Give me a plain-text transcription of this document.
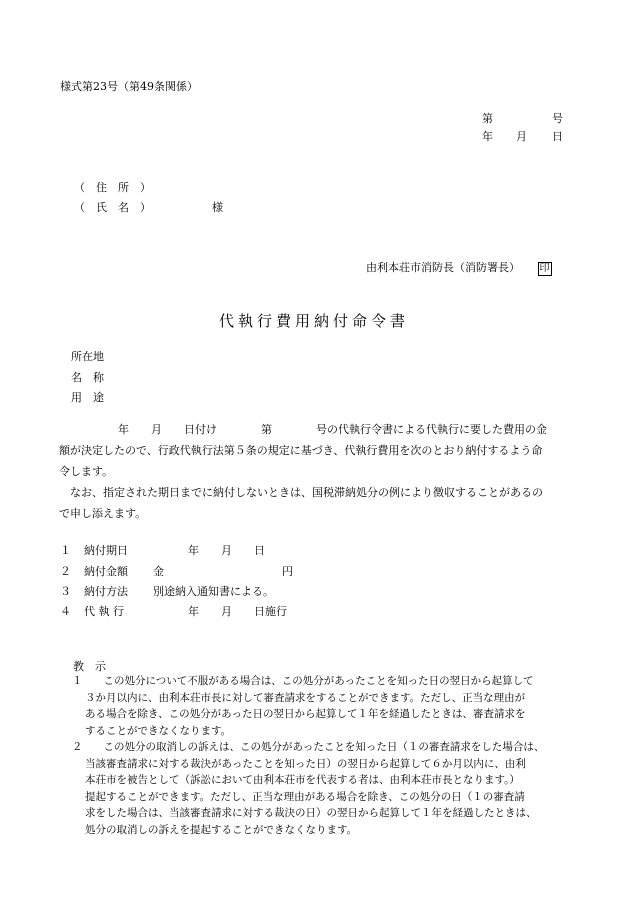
様式第23号（第49条関係）
第	号
年 月 日
（　住　所　）
（　氏　名　）	様
由利本荘市消防長（消防署長） 印
代執行費用納付命令書
所在地
名　称
用　途
年　　月　　日付け　　　　第　　　　号の代執行令書による代執行に要した費用の金
額が決定したので、行政代執行法第５条の規定に基づき、代執行費用を次のとおり納付するよう命
令します。
なお、指定された期日までに納付しないときは、国税滞納処分の例により徴収することがあるの
で申し添えます。
１ 納付期日	年　　月　　日
２ 納付金額 金	円
３ 納付方法 別途納入通知書による。
４ 代 執 行	年　　月　　日施行
教　示
１　　この処分について不服がある場合は、この処分があったことを知った日の翌日から起算して
３か月以内に、由利本荘市長に対して審査請求をすることができます。ただし、正当な理由が
ある場合を除き、この処分があった日の翌日から起算して１年を経過したときは、審査請求を
することができなくなります。
２　　この処分の取消しの訴えは、この処分があったことを知った日（１の審査請求をした場合は、
当該審査請求に対する裁決があったことを知った日）の翌日から起算して６か月以内に、由利
本荘市を被告として（訴訟において由利本荘市を代表する者は、由利本荘市長となります。）
提起することができます。ただし、正当な理由がある場合を除き、この処分の日（１の審査請
求をした場合は、当該審査請求に対する裁決の日）の翌日から起算して１年を経過したときは、
処分の取消しの訴えを提起することができなくなります。
